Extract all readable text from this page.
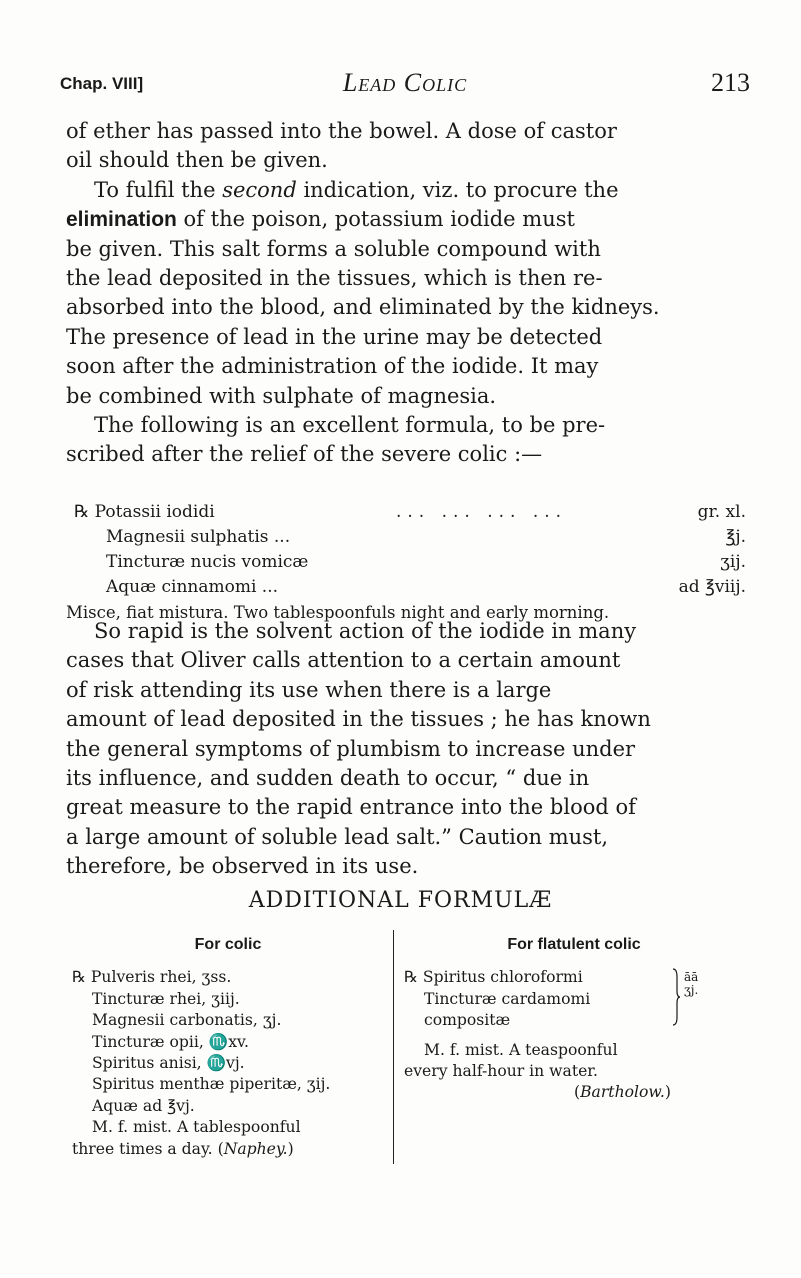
Chap. VIII]	Lead Colic	213

of ether has passed into the bowel. A dose of castor

oil should then be given.

To fulfil the second indication, viz. to procure the

elimination of the poison, potassium iodide must

be given. This salt forms a soluble compound with

the lead deposited in the tissues, which is then re-

absorbed into the blood, and eliminated by the kidneys.

The presence of lead in the urine may be detected

soon after the administration of the iodide. It may

be combined with sulphate of magnesia.

The following is an excellent formula, to be pre-

scribed after the relief of the severe colic :—

℞ Potassii iodidi	... ... ... ...	gr. xl.
Magnesii sulphatis ...	℥j.
Tincturæ nucis vomicæ	ʒij.
Aquæ cinnamomi ...	ad ℥viij.
Misce, fiat mistura. Two tablespoonfuls night and early morning.

So rapid is the solvent action of the iodide in many

cases that Oliver calls attention to a certain amount

of risk attending its use when there is a large

amount of lead deposited in the tissues ; he has known

the general symptoms of plumbism to increase under

its influence, and sudden death to occur, “ due in

great measure to the rapid entrance into the blood of

a large amount of soluble lead salt.” Caution must,

therefore, be observed in its use.

ADDITIONAL FORMULÆ
For colic
℞ Pulveris rhei, ʒss.
Tincturæ rhei, ʒiij.
Magnesii carbonatis, ʒj.
Tincturæ opii, ♏xv.
Spiritus anisi, ♏vj.
Spiritus menthæ piperitæ, ʒij.
Aquæ ad ℥vj.
M. f. mist. A tablespoonful
three times a day. (Naphey.)
For flatulent colic
℞ Spiritus chloroformi
Tincturæ cardamomi
compositæ
āā ʒj.
M. f. mist. A teaspoonful
every half-hour in water.
(Bartholow.)
